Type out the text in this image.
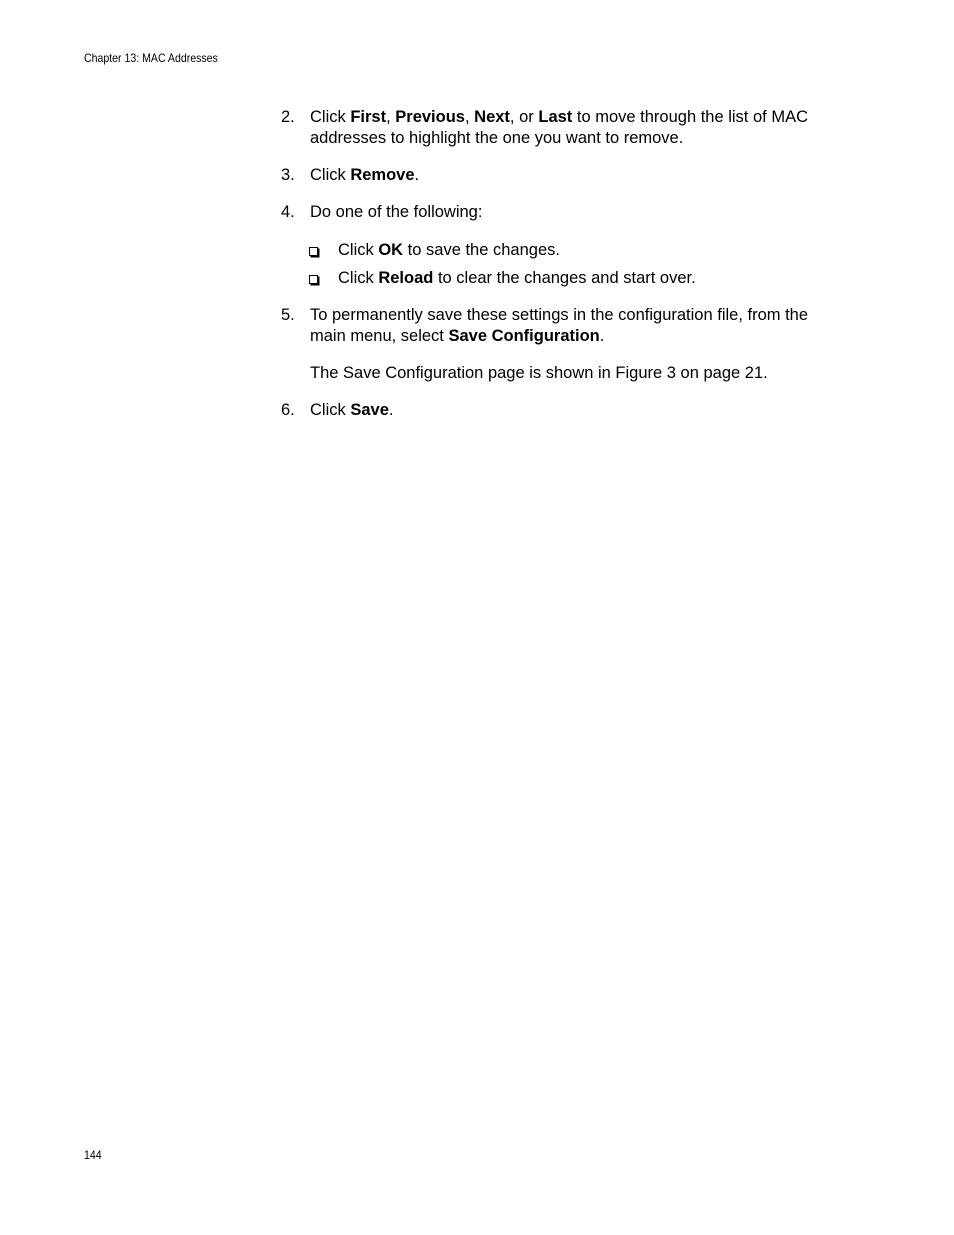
Chapter 13: MAC Addresses
2. Click First, Previous, Next, or Last to move through the list of MAC addresses to highlight the one you want to remove.
3. Click Remove.
4. Do one of the following:
Click OK to save the changes.
Click Reload to clear the changes and start over.
5. To permanently save these settings in the configuration file, from the main menu, select Save Configuration.
The Save Configuration page is shown in Figure 3 on page 21.
6. Click Save.
144
